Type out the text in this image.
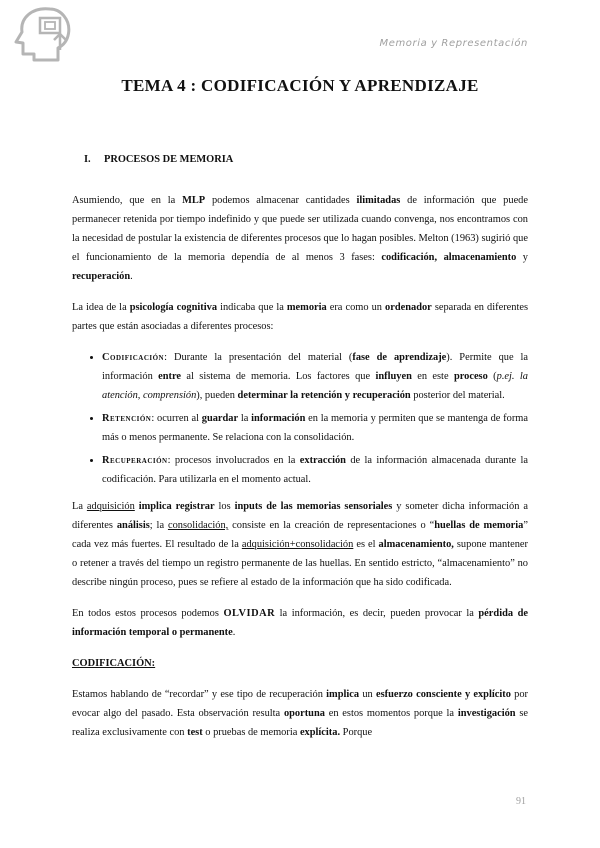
Memoria y Representación
TEMA 4 : CODIFICACIÓN Y APRENDIZAJE
I. PROCESOS DE MEMORIA

Asumiendo, que en la MLP podemos almacenar cantidades ilimitadas de información que puede permanecer retenida por tiempo indefinido y que puede ser utilizada cuando convenga, nos encontramos con la necesidad de postular la existencia de diferentes procesos que lo hagan posibles. Melton (1963) sugirió que el funcionamiento de la memoria dependía de al menos 3 fases: codificación, almacenamiento y recuperación.

La idea de la psicología cognitiva indicaba que la memoria era como un ordenador separada en diferentes partes que están asociadas a diferentes procesos:

• Codificación: Durante la presentación del material (fase de aprendizaje). Permite que la información entre al sistema de memoria. Los factores que influyen en este proceso (p.ej. la atención, comprensión), pueden determinar la retención y recuperación posterior del material.
• Retención: ocurren al guardar la información en la memoria y permiten que se mantenga de forma más o menos permanente. Se relaciona con la consolidación.
• Recuperación: procesos involucrados en la extracción de la información almacenada durante la codificación. Para utilizarla en el momento actual.

La adquisición implica registrar los inputs de las memorias sensoriales y someter dicha información a diferentes análisis; la consolidación, consiste en la creación de representaciones o “huellas de memoria” cada vez más fuertes. El resultado de la adquisición+consolidación es el almacenamiento, supone mantener o retener a través del tiempo un registro permanente de las huellas. En sentido estricto, “almacenamiento” no describe ningún proceso, pues se refiere al estado de la información que ha sido codificada.

En todos estos procesos podemos OLVIDAR la información, es decir, pueden provocar la pérdida de información temporal o permanente.

CODIFICACIÓN:

Estamos hablando de “recordar” y ese tipo de recuperación implica un esfuerzo consciente y explícito por evocar algo del pasado. Esta observación resulta oportuna en estos momentos porque la investigación se realiza exclusivamente con test o pruebas de memoria explícita. Porque

91
